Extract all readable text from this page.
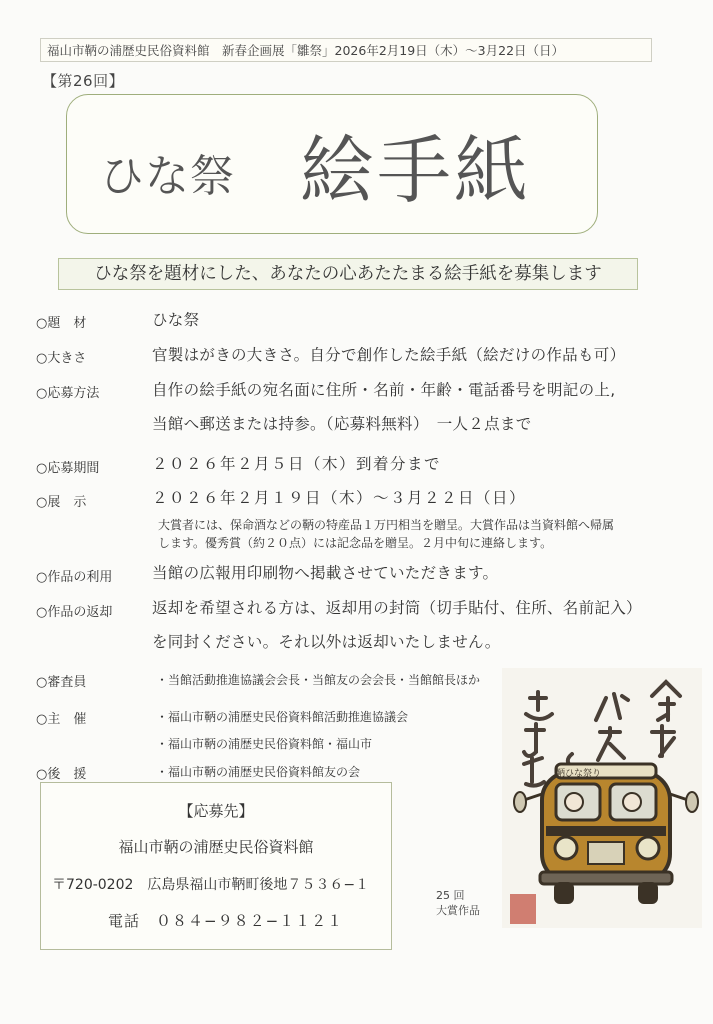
福山市鞆の浦歴史民俗資料館　新春企画展「雛祭」2026年2月19日（木）～3月22日（日）
【第26回】
ひな祭 絵手紙
ひな祭を題材にした、あなたの心あたたまる絵手紙を募集します
○題　材	ひな祭
○大きさ	官製はがきの大きさ。自分で創作した絵手紙（絵だけの作品も可）
○応募方法	自作の絵手紙の宛名面に住所・名前・年齢・電話番号を明記の上,
当館へ郵送または持参。（応募料無料）　一人２点まで
○応募期間	２０２６年２月５日（木）到着分まで
○展　示	２０２６年２月１９日（木）～３月２２日（日）
大賞者には、保命酒などの鞆の特産品１万円相当を贈呈。大賞作品は当資料館へ帰属
します。優秀賞（約２０点）には記念品を贈呈。２月中旬に連絡します。
○作品の利用	当館の広報用印刷物へ掲載させていただきます。
○作品の返却	返却を希望される方は、返却用の封筒（切手貼付、住所、名前記入）
を同封ください。それ以外は返却いたしません。
○審査員	・当館活動推進協議会会長・当館友の会会長・当館館長ほか
○主　催	・福山市鞆の浦歴史民俗資料館活動推進協議会
・福山市鞆の浦歴史民俗資料館・福山市
○後　援	・福山市鞆の浦歴史民俗資料館友の会
【応募先】
福山市鞆の浦歴史民俗資料館
〒720-0202　広島県福山市鞆町後地７５３６−１
電話　０８４−９８２−１１２１
鞆ひな祭り
25 回
大賞作品
